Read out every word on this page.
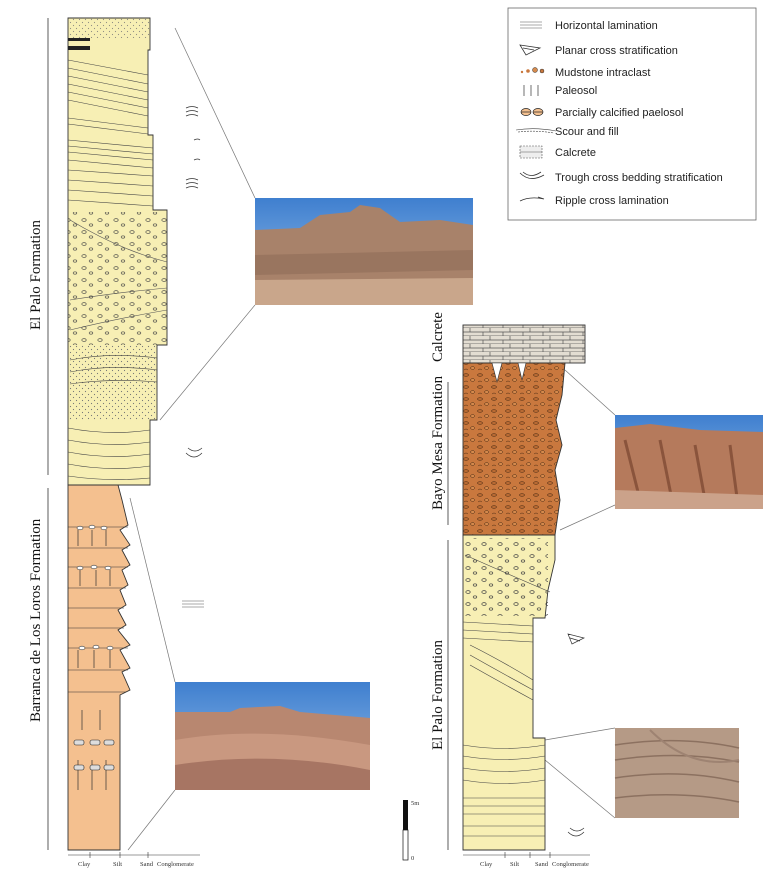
Clay	Silt	Sand Conglomerate
El Palo Formation
Barranca de Los Loros Formation
Clay	Silt Sand Conglomerate
Calcrete
Bayo Mesa Formation
El Palo Formation
5m
0
Horizontal lamination
Planar cross stratification
Mudstone intraclast
Paleosol
Parcially calcified paelosol
Scour and fill
Calcrete
Trough cross bedding stratification
Ripple cross lamination
